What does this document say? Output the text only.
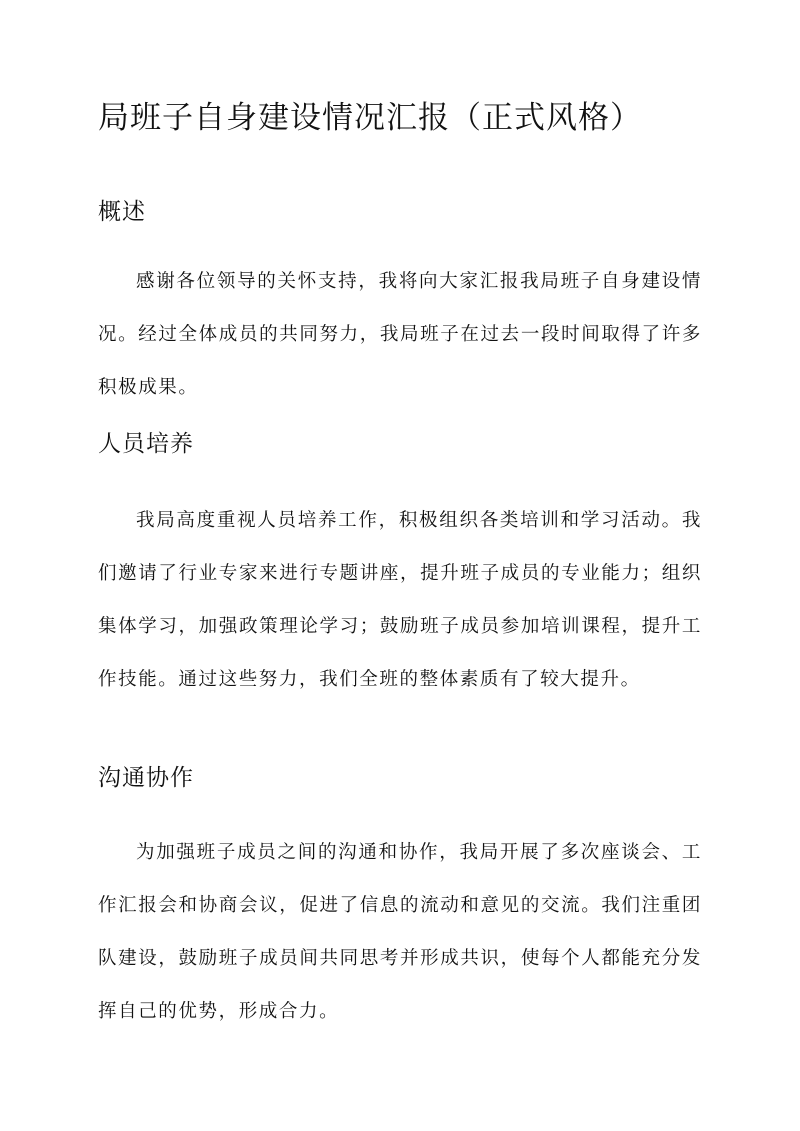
局班子自身建设情况汇报（正式风格）
概述

感谢各位领导的关怀支持，我将向大家汇报我局班子自身建设情况。经过全体成员的共同努力，我局班子在过去一段时间取得了许多积极成果。

人员培养

我局高度重视人员培养工作，积极组织各类培训和学习活动。我们邀请了行业专家来进行专题讲座，提升班子成员的专业能力；组织集体学习，加强政策理论学习；鼓励班子成员参加培训课程，提升工作技能。通过这些努力，我们全班的整体素质有了较大提升。

沟通协作

为加强班子成员之间的沟通和协作，我局开展了多次座谈会、工作汇报会和协商会议，促进了信息的流动和意见的交流。我们注重团队建设，鼓励班子成员间共同思考并形成共识，使每个人都能充分发挥自己的优势，形成合力。
